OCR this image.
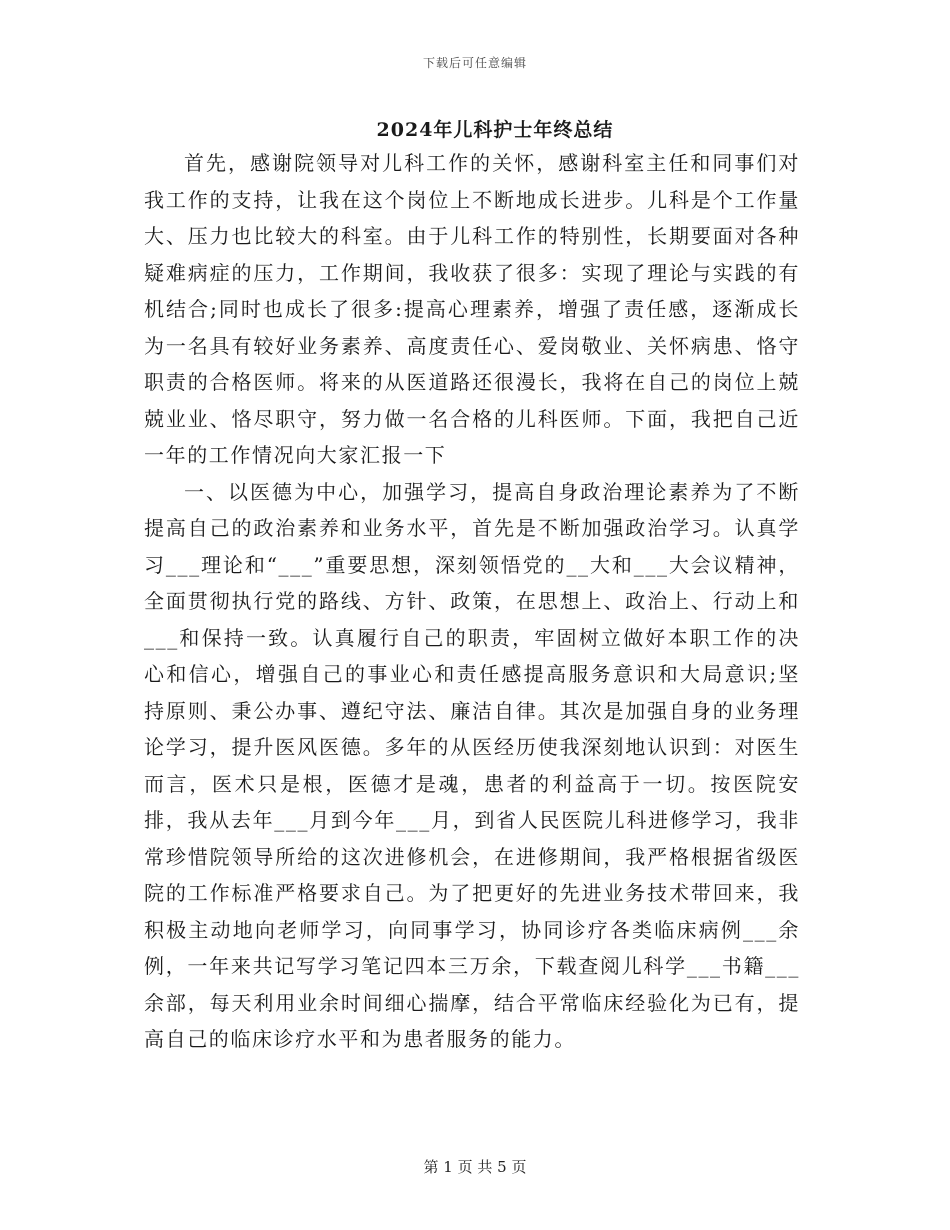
下载后可任意编辑
2024年儿科护士年终总结

首先，感谢院领导对儿科工作的关怀，感谢科室主任和同事们对我工作的支持，让我在这个岗位上不断地成长进步。儿科是个工作量大、压力也比较大的科室。由于儿科工作的特别性，长期要面对各种疑难病症的压力，工作期间，我收获了很多：实现了理论与实践的有机结合;同时也成长了很多:提高心理素养，增强了责任感，逐渐成长为一名具有较好业务素养、高度责任心、爱岗敬业、关怀病患、恪守职责的合格医师。将来的从医道路还很漫长，我将在自己的岗位上兢兢业业、恪尽职守，努力做一名合格的儿科医师。下面，我把自己近一年的工作情况向大家汇报一下

一、以医德为中心，加强学习，提高自身政治理论素养为了不断提高自己的政治素养和业务水平，首先是不断加强政治学习。认真学习___理论和“___”重要思想，深刻领悟党的__大和___大会议精神，全面贯彻执行党的路线、方针、政策，在思想上、政治上、行动上和___和保持一致。认真履行自己的职责，牢固树立做好本职工作的决心和信心，增强自己的事业心和责任感提高服务意识和大局意识;坚持原则、秉公办事、遵纪守法、廉洁自律。其次是加强自身的业务理论学习，提升医风医德。多年的从医经历使我深刻地认识到：对医生而言，医术只是根，医德才是魂，患者的利益高于一切。按医院安排，我从去年___月到今年___月，到省人民医院儿科进修学习，我非常珍惜院领导所给的这次进修机会，在进修期间，我严格根据省级医院的工作标准严格要求自己。为了把更好的先进业务技术带回来，我积极主动地向老师学习，向同事学习，协同诊疗各类临床病例___余例，一年来共记写学习笔记四本三万余，下载查阅儿科学___书籍___余部，每天利用业余时间细心揣摩，结合平常临床经验化为已有，提高自己的临床诊疗水平和为患者服务的能力。

第 1 页 共 5 页
